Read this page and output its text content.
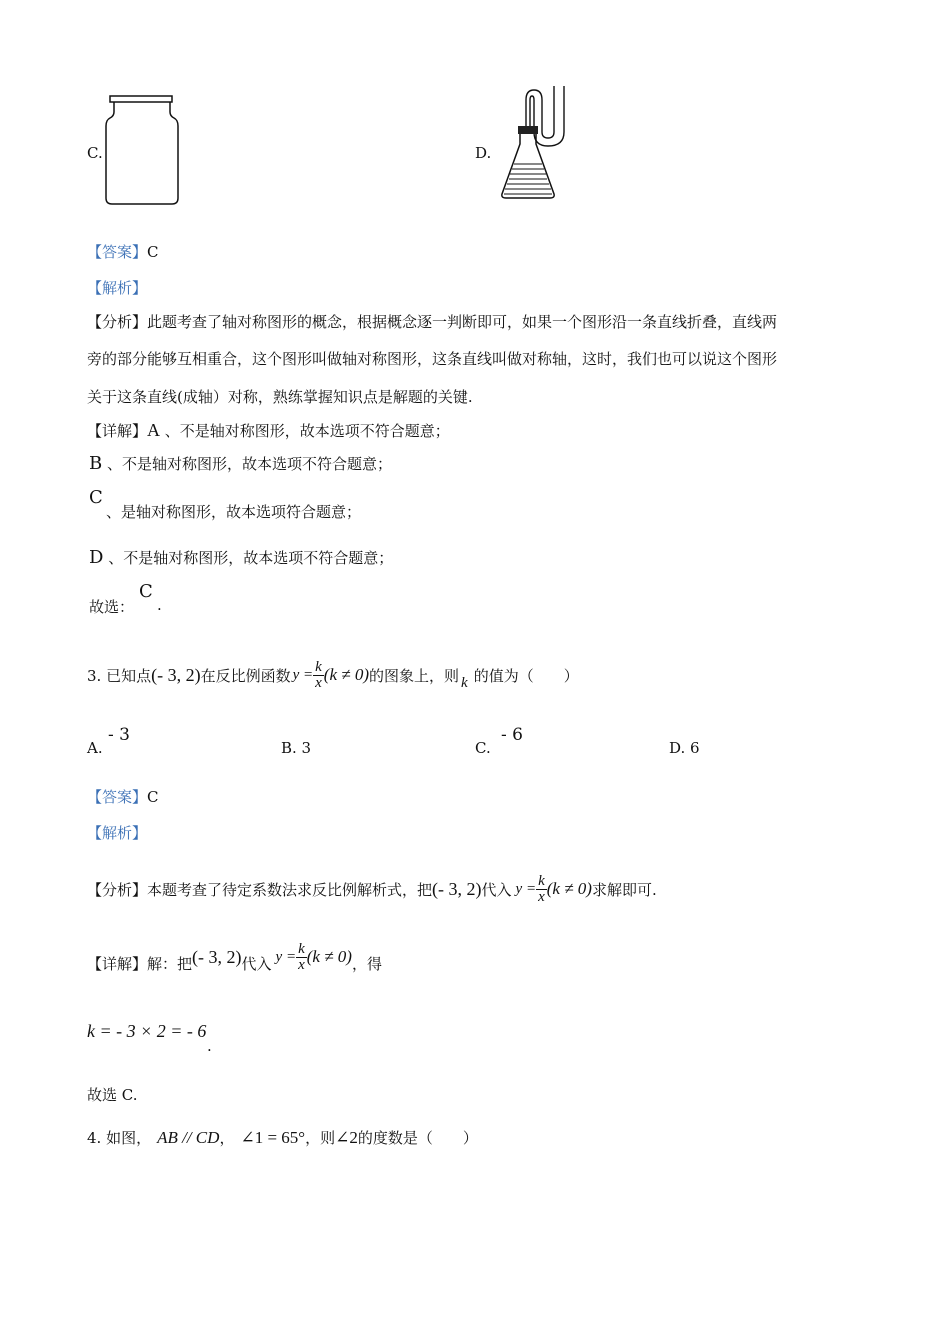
C.	D.
【答案】C
【解析】
【分析】此题考查了轴对称图形的概念，根据概念逐一判断即可，如果一个图形沿一条直线折叠，直线两
旁的部分能够互相重合，这个图形叫做轴对称图形，这条直线叫做对称轴，这时，我们也可以说这个图形
关于这条直线(成轴）对称，熟练掌握知识点是解题的关键.
【详解】A 、不是轴对称图形，故本选项不符合题意；
B 、不是轴对称图形，故本选项不符合题意；
C
、是轴对称图形，故本选项符合题意；
D 、不是轴对称图形，故本选项不符合题意；
故选：
C
.
3. 已知点 (- 3, 2) 在反比例函数 $y = \frac{k}{x} (k \ne 0)$ 的图象上，则 k 的值为（　　）
A.
- 3
B. 3	C.
- 6
D. 6
【答案】C
【解析】
【分析】 本题考查了待定系数法求反比例解析式，把 (- 3, 2) 代入 $y = \frac{k}{x} (k \ne 0)$ 求解即可.
【详解】 解：把 (- 3, 2) 代入 $y = \frac{k}{x} (k \ne 0)$ ，得
k = - 3 × 2 = - 6
.
故选 C.
4. 如图， AB // CD ， ∠1 = 65° ，则 ∠2 的度数是（　　）
